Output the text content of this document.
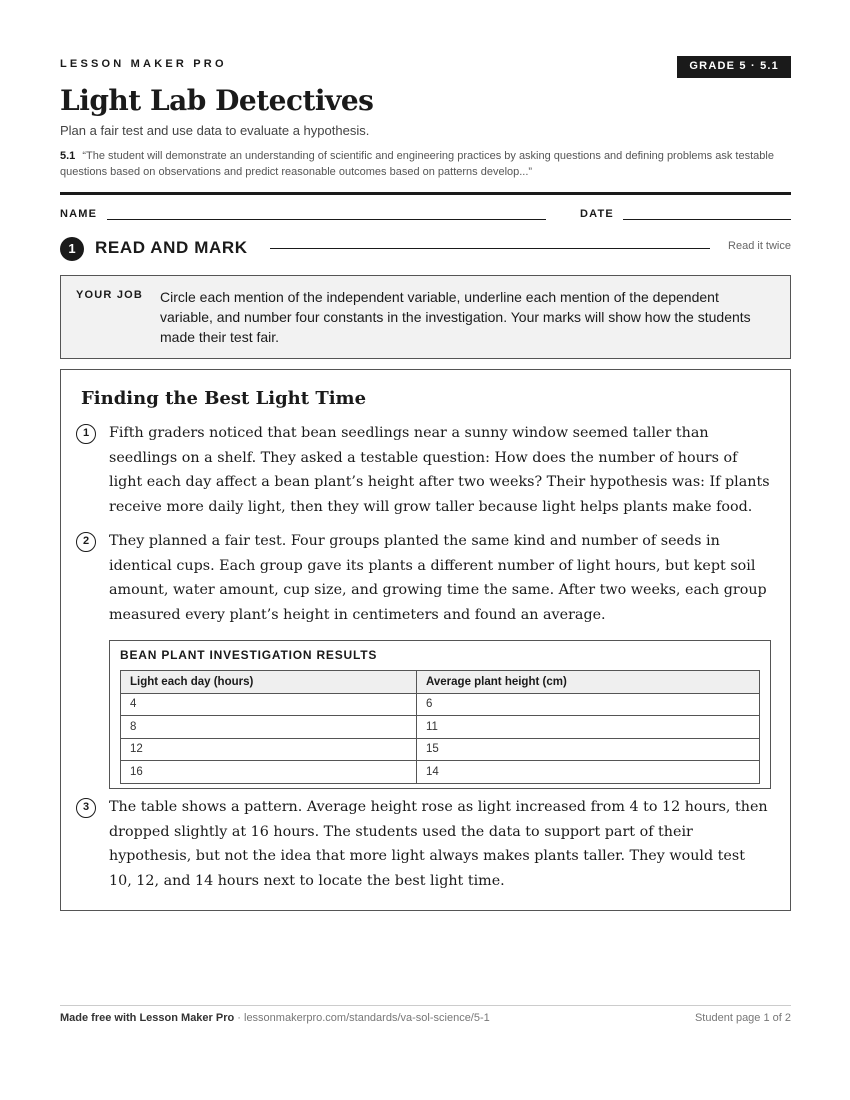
LESSON MAKER PRO	GRADE 5 · 5.1
Light Lab Detectives
Plan a fair test and use data to evaluate a hypothesis.
5.1 “The student will demonstrate an understanding of scientific and engineering practices by asking questions and defining problems ask testable questions based on observations and predict reasonable outcomes based on patterns develop...”
NAME	DATE
1	READ AND MARK	Read it twice
YOUR JOB Circle each mention of the independent variable, underline each mention of the dependent variable, and number four constants in the investigation. Your marks will show how the students made their test fair.
Finding the Best Light Time
1	Fifth graders noticed that bean seedlings near a sunny window seemed taller than seedlings on a shelf. They asked a testable question: How does the number of hours of light each day affect a bean plant’s height after two weeks? Their hypothesis was: If plants receive more daily light, then they will grow taller because light helps plants make food.
2	They planned a fair test. Four groups planted the same kind and number of seeds in identical cups. Each group gave its plants a different number of light hours, but kept soil amount, water amount, cup size, and growing time the same. After two weeks, each group measured every plant’s height in centimeters and found an average.
BEAN PLANT INVESTIGATION RESULTS
Light each day (hours)	Average plant height (cm)
4	6
8	11
12	15
16	14
3	The table shows a pattern. Average height rose as light increased from 4 to 12 hours, then dropped slightly at 16 hours. The students used the data to support part of their hypothesis, but not the idea that more light always makes plants taller. They would test 10, 12, and 14 hours next to locate the best light time.
Made free with Lesson Maker Pro · lessonmakerpro.com/standards/va-sol-science/5-1	Student page 1 of 2
